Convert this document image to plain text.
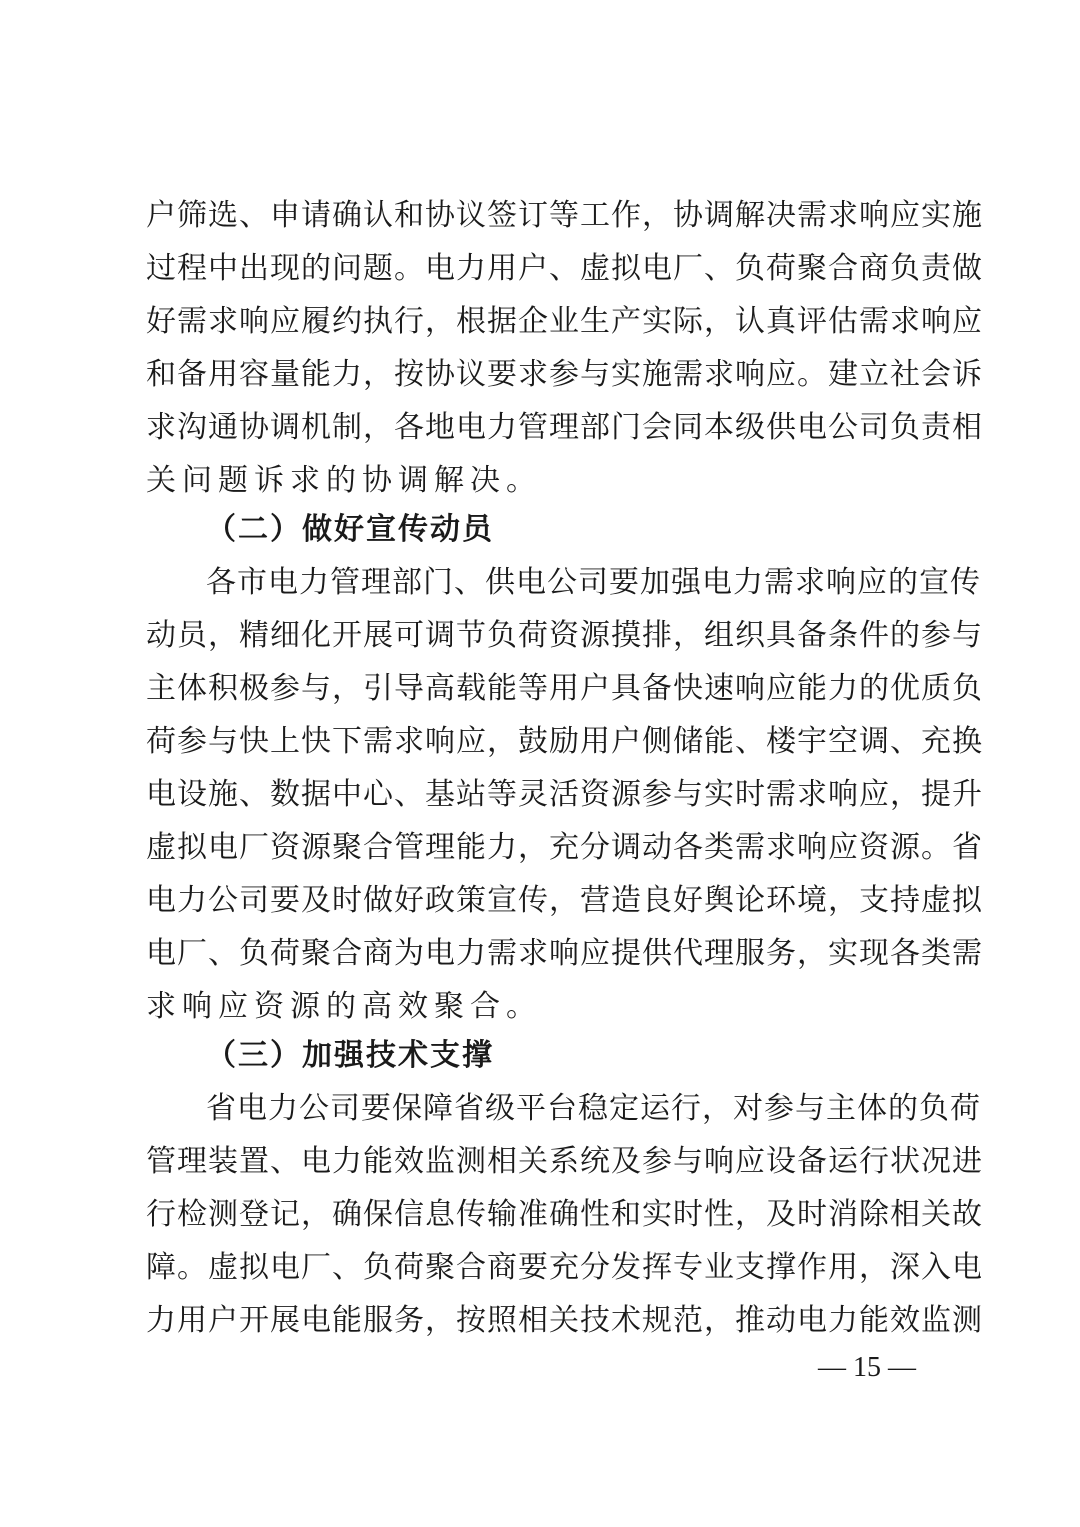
户筛选、申请确认和协议签订等工作，协调解决需求响应实施
过程中出现的问题。电力用户、虚拟电厂、负荷聚合商负责做
好需求响应履约执行，根据企业生产实际，认真评估需求响应
和备用容量能力，按协议要求参与实施需求响应。建立社会诉
求沟通协调机制，各地电力管理部门会同本级供电公司负责相
关问题诉求的协调解决。
（二）做好宣传动员
各市电力管理部门、供电公司要加强电力需求响应的宣传
动员，精细化开展可调节负荷资源摸排，组织具备条件的参与
主体积极参与，引导高载能等用户具备快速响应能力的优质负
荷参与快上快下需求响应，鼓励用户侧储能、楼宇空调、充换
电设施、数据中心、基站等灵活资源参与实时需求响应，提升
虚拟电厂资源聚合管理能力，充分调动各类需求响应资源。省
电力公司要及时做好政策宣传，营造良好舆论环境，支持虚拟
电厂、负荷聚合商为电力需求响应提供代理服务，实现各类需
求响应资源的高效聚合。
（三）加强技术支撑
省电力公司要保障省级平台稳定运行，对参与主体的负荷
管理装置、电力能效监测相关系统及参与响应设备运行状况进
行检测登记，确保信息传输准确性和实时性，及时消除相关故
障。虚拟电厂、负荷聚合商要充分发挥专业支撑作用，深入电
力用户开展电能服务，按照相关技术规范，推动电力能效监测
— 15 —
